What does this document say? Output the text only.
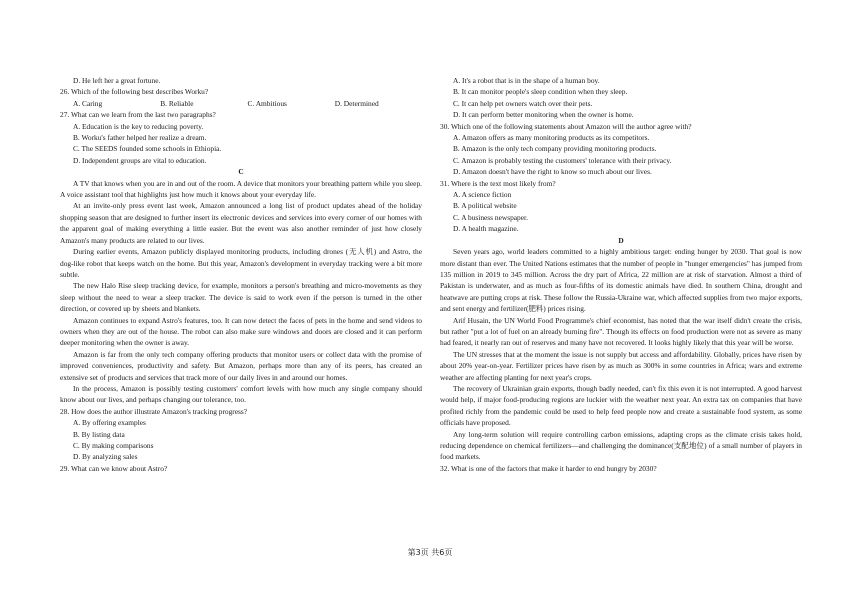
D. He left her a great fortune.
26. Which of the following best describes Worku?
A. Caring	B. Reliable	C. Ambitious	D. Determined
27. What can we learn from the last two paragraphs?
A. Education is the key to reducing poverty.
B. Worku's father helped her realize a dream.
C. The SEEDS founded some schools in Ethiopia.
D. Independent groups are vital to education.
C
A TV that knows when you are in and out of the room. A device that monitors your breathing pattern while you sleep. A voice assistant tool that highlights just how much it knows about your everyday life.
At an invite-only press event last week, Amazon announced a long list of product updates ahead of the holiday shopping season that are designed to further insert its electronic devices and services into every corner of our homes with the apparent goal of making everything a little easier. But the event was also another reminder of just how closely Amazon's many products are related to our lives.
During earlier events, Amazon publicly displayed monitoring products, including drones (无人机) and Astro, the dog-like robot that keeps watch on the home. But this year, Amazon's development in everyday tracking were a bit more subtle.
The new Halo Rise sleep tracking device, for example, monitors a person's breathing and micro-movements as they sleep without the need to wear a sleep tracker. The device is said to work even if the person is turned in the other direction, or covered up by sheets and blankets.
Amazon continues to expand Astro's features, too. It can now detect the faces of pets in the home and send videos to owners when they are out of the house. The robot can also make sure windows and doors are closed and it can perform deeper monitoring when the owner is away.
Amazon is far from the only tech company offering products that monitor users or collect data with the promise of improved conveniences, productivity and safety. But Amazon, perhaps more than any of its peers, has created an extensive set of products and services that track more of our daily lives in and around our homes.
In the process, Amazon is possibly testing customers' comfort levels with how much any single company should know about our lives, and perhaps changing our tolerance, too.
28. How does the author illustrate Amazon's tracking progress?
A. By offering examples
B. By listing data
C. By making comparisons
D. By analyzing sales
29. What can we know about Astro?
A. It's a robot that is in the shape of a human boy.
B. It can monitor people's sleep condition when they sleep.
C. It can help pet owners watch over their pets.
D. It can perform better monitoring when the owner is home.
30. Which one of the following statements about Amazon will the author agree with?
A. Amazon offers as many monitoring products as its competitors.
B. Amazon is the only tech company providing monitoring products.
C. Amazon is probably testing the customers' tolerance with their privacy.
D. Amazon doesn't have the right to know so much about our lives.
31. Where is the text most likely from?
A. A science fiction
B. A political website
C. A business newspaper.
D. A health magazine.
D
Seven years ago, world leaders committed to a highly ambitious target: ending hunger by 2030. That goal is now more distant than ever. The United Nations estimates that the number of people in "hunger emergencies" has jumped from 135 million in 2019 to 345 million. Across the dry part of Africa, 22 million are at risk of starvation. Almost a third of Pakistan is underwater, and as much as four-fifths of its domestic animals have died. In southern China, drought and heatwave are putting crops at risk. These follow the Russia-Ukraine war, which affected supplies from two major exports, and sent energy and fertilizer(肥料) prices rising.
Arif Husain, the UN World Food Programme's chief economist, has noted that the war itself didn't create the crisis, but rather "put a lot of fuel on an already burning fire". Though its effects on food production were not as severe as many had feared, it nearly ran out of reserves and many have not recovered. It looks highly likely that this year will be worse.
The UN stresses that at the moment the issue is not supply but access and affordability. Globally, prices have risen by about 20% year-on-year. Fertilizer prices have risen by as much as 300% in some countries in Africa; wars and extreme weather are affecting planting for next year's crops.
The recovery of Ukrainian grain exports, though badly needed, can't fix this even it is not interrupted. A good harvest would help, if major food-producing regions are luckier with the weather next year. An extra tax on companies that have profited richly from the pandemic could be used to help feed people now and create a sustainable food system, as some officials have proposed.
Any long-term solution will require controlling carbon emissions, adapting crops as the climate crisis takes hold, reducing dependence on chemical fertilizers—and challenging the dominance(支配地位) of a small number of players in food markets.
32. What is one of the factors that make it harder to end hungry by 2030?
第3页 共6页
